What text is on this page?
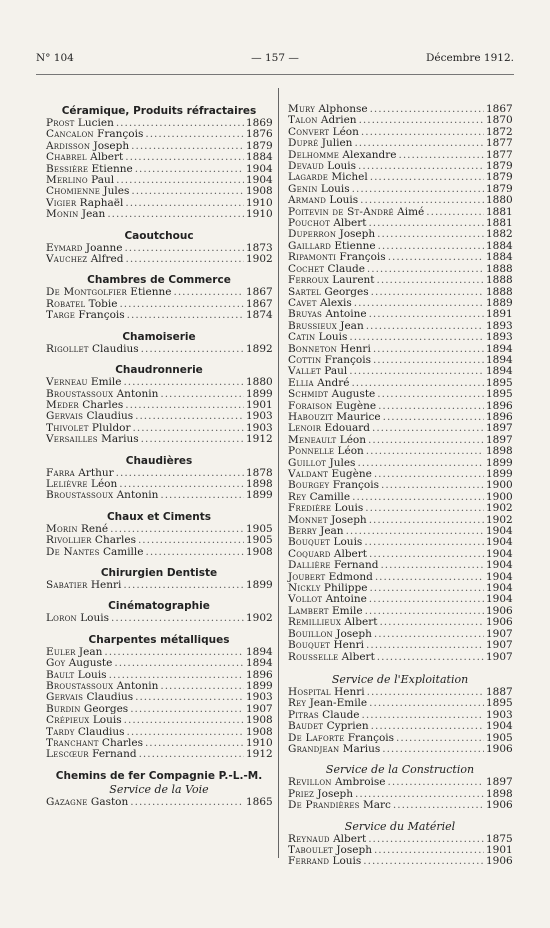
N° 104	— 157 —	Décembre 1912.
Céramique, Produits réfractaires
Prost Lucien .....	1869
Cancalon François .....	1876
Ardisson Joseph .....	1879
Chabrel Albert .....	1884
Bessière Etienne .....	1904
Merlino Paul .....	1904
Chomienne Jules .....	1908
Vigier Raphaël .....	1910
Monin Jean .....	1910
Caoutchouc
Eymard Joanne .....	1873
Vauchez Alfred .....	1902
Chambres de Commerce
De Montgolfier Etienne .....	1867
Robatel Tobie .....	1867
Targe François .....	1874
Chamoiserie
Rigollet Claudius .....	1892
Chaudronnerie
Verneau Emile .....	1880
Broustassoux Antonin .....	1899
Meder Charles .....	1901
Gervais Claudius .....	1903
Thivolet Pluldor .....	1903
Versailles Marius .....	1912
Chaudières
Farra Arthur .....	1878
Lelièvre Léon .....	1898
Broustassoux Antonin .....	1899
Chaux et Ciments
Morin René .....	1905
Rivollier Charles .....	1905
De Nantes Camille .....	1908
Chirurgien Dentiste
Sabatier Henri .....	1899
Cinématographie
Loron Louis .....	1902
Charpentes métalliques
Euler Jean .....	1894
Goy Auguste .....	1894
Bault Louis .....	1896
Broustassoux Antonin .....	1899
Gervais Claudius .....	1903
Burdin Georges .....	1907
Crépieux Louis .....	1908
Tardy Claudius .....	1908
Tranchant Charles .....	1910
Lescœur Fernand .....	1912
Chemins de fer Compagnie P.-L.-M.
Service de la Voie
Gazagne Gaston .....	1865
Mury Alphonse .....	1867
Talon Adrien .....	1870
Convert Léon .....	1872
Dupré Julien .....	1877
Delhomme Alexandre .....	1877
Devaud Louis .....	1879
Lagarde Michel .....	1879
Genin Louis .....	1879
Armand Louis .....	1880
Poitevin de St-André Aimé .....	1881
Pouchot Albert .....	1881
Duperron Joseph .....	1882
Gaillard Etienne .....	1884
Ripamonti François .....	1884
Cochet Claude .....	1888
Ferroux Laurent .....	1888
Sartel Georges .....	1888
Cavet Alexis .....	1889
Bruyas Antoine .....	1891
Brussieux Jean .....	1893
Catin Louis .....	1893
Bonneton Henri .....	1894
Cottin François .....	1894
Vallet Paul .....	1894
Ellia André .....	1895
Schmidt Auguste .....	1895
Foraison Eugène .....	1896
Habouzit Maurice .....	1896
Lenoir Edouard .....	1897
Meneault Léon .....	1897
Ponnelle Léon .....	1898
Guillot Jules .....	1899
Valdant Eugène .....	1899
Bourgey François .....	1900
Rey Camille .....	1900
Fredière Louis .....	1902
Monnet Joseph .....	1902
Berry Jean .....	1904
Bouquet Louis .....	1904
Coquard Albert .....	1904
Dallière Fernand .....	1904
Joubert Edmond .....	1904
Nickly Philippe .....	1904
Vollot Antoine .....	1904
Lambert Emile .....	1906
Remillieux Albert .....	1906
Bouillon Joseph .....	1907
Bouquet Henri .....	1907
Rousselle Albert .....	1907
Service de l'Exploitation
Hospital Henri .....	1887
Rey Jean-Emile .....	1895
Pitras Claude .....	1903
Baudet Cyprien .....	1904
De Laforte François .....	1905
Grandjean Marius .....	1906
Service de la Construction
Revillon Ambroise .....	1897
Priez Joseph .....	1898
De Prandières Marc .....	1906
Service du Matériel
Reynaud Albert .....	1875
Taboulet Joseph .....	1901
Ferrand Louis .....	1906
